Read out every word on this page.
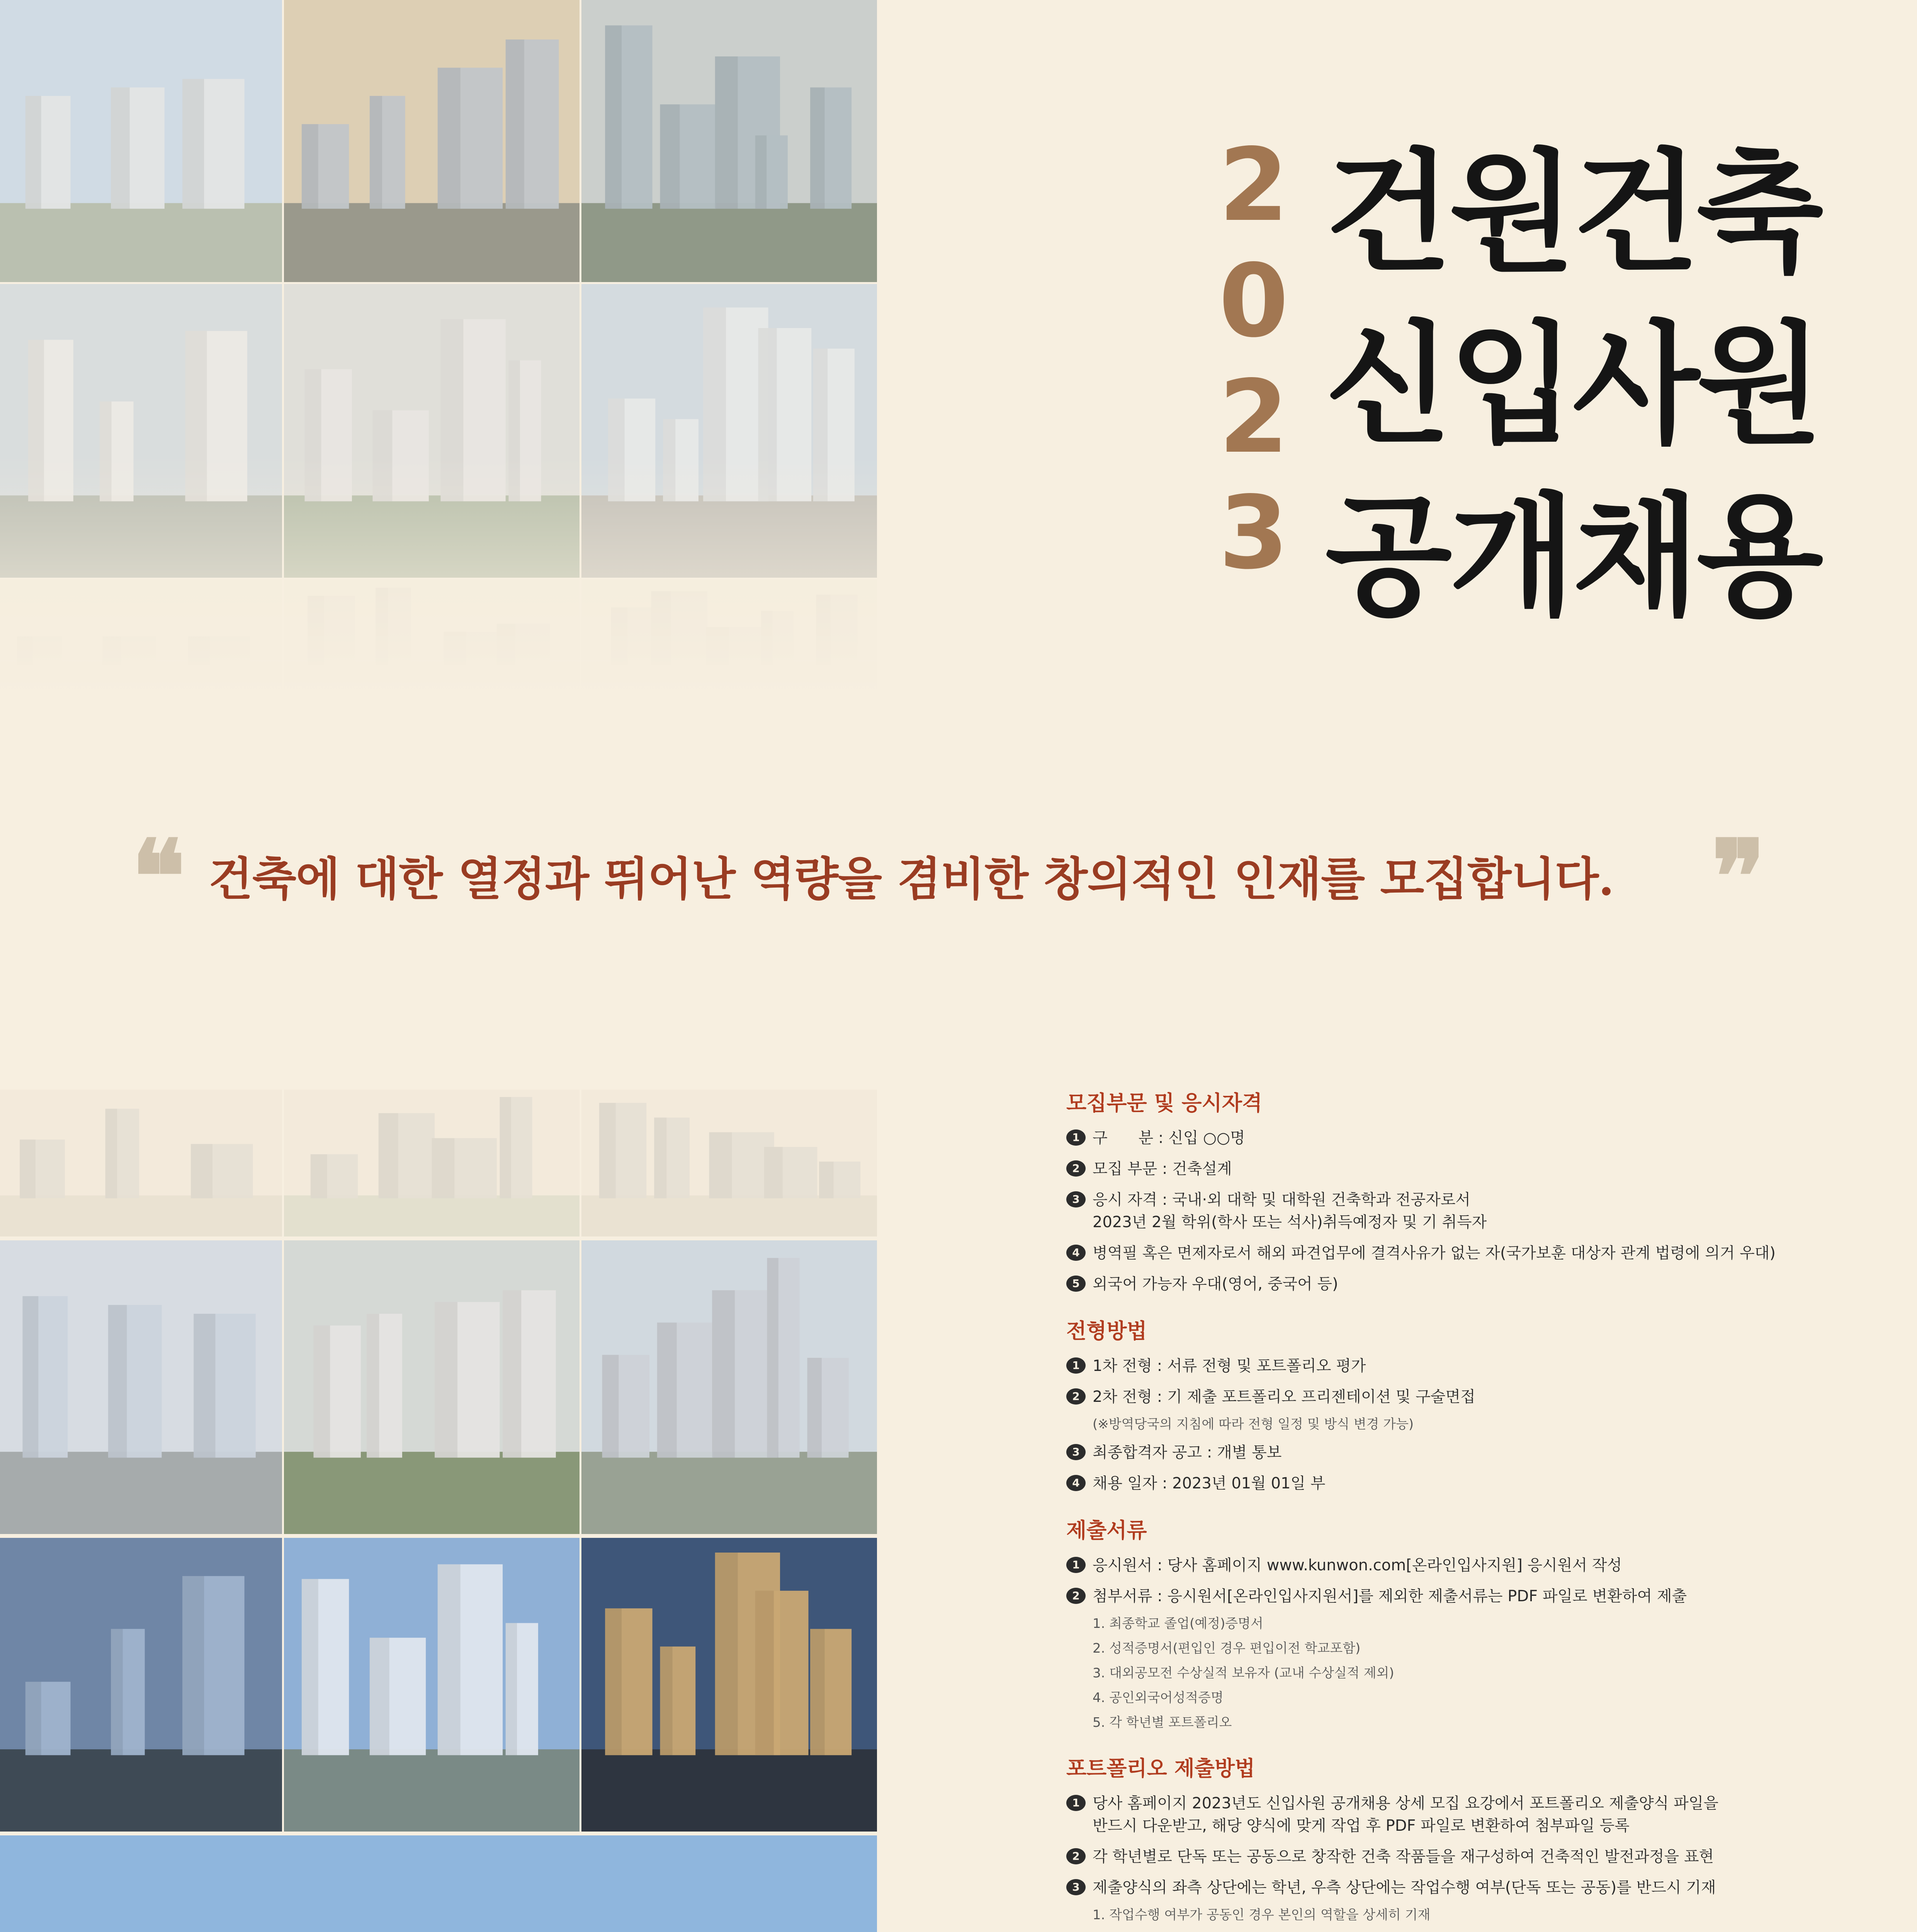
2
0
2
3
건원건축
신입사원
공개채용
❝ 건축에 대한 열정과 뛰어난 역량을 겸비한 창의적인 인재를 모집합니다. ❞
모집부문 및 응시자격
1 구　　분 : 신입 ○○명
2 모집 부문 : 건축설계
3 응시 자격 : 국내·외 대학 및 대학원 건축학과 전공자로서
2023년 2월 학위(학사 또는 석사)취득예정자 및 기 취득자
4 병역필 혹은 면제자로서 해외 파견업무에 결격사유가 없는 자(국가보훈 대상자 관계 법령에 의거 우대)
5 외국어 가능자 우대(영어, 중국어 등)
전형방법
1 1차 전형 : 서류 전형 및 포트폴리오 평가
2 2차 전형 : 기 제출 포트폴리오 프리젠테이션 및 구술면접
(※방역당국의 지침에 따라 전형 일정 및 방식 변경 가능)
3 최종합격자 공고 : 개별 통보
4 채용 일자 : 2023년 01월 01일 부
제출서류
1 응시원서 : 당사 홈페이지 www.kunwon.com[온라인입사지원] 응시원서 작성
2 첨부서류 : 응시원서[온라인입사지원서]를 제외한 제출서류는 PDF 파일로 변환하여 제출
1. 최종학교 졸업(예정)증명서
2. 성적증명서(편입인 경우 편입이전 학교포함)
3. 대외공모전 수상실적 보유자 (교내 수상실적 제외)
4. 공인외국어성적증명
5. 각 학년별 포트폴리오
포트폴리오 제출방법
1 당사 홈페이지 2023년도 신입사원 공개채용 상세 모집 요강에서 포트폴리오 제출양식 파일을
반드시 다운받고, 해당 양식에 맞게 작업 후 PDF 파일로 변환하여 첨부파일 등록
2 각 학년별로 단독 또는 공동으로 창작한 건축 작품들을 재구성하여 건축적인 발전과정을 표현
3 제출양식의 좌측 상단에는 학년, 우측 상단에는 작업수행 여부(단독 또는 공동)를 반드시 기재
1. 작업수행 여부가 공동인 경우 본인의 역할을 상세히 기재
